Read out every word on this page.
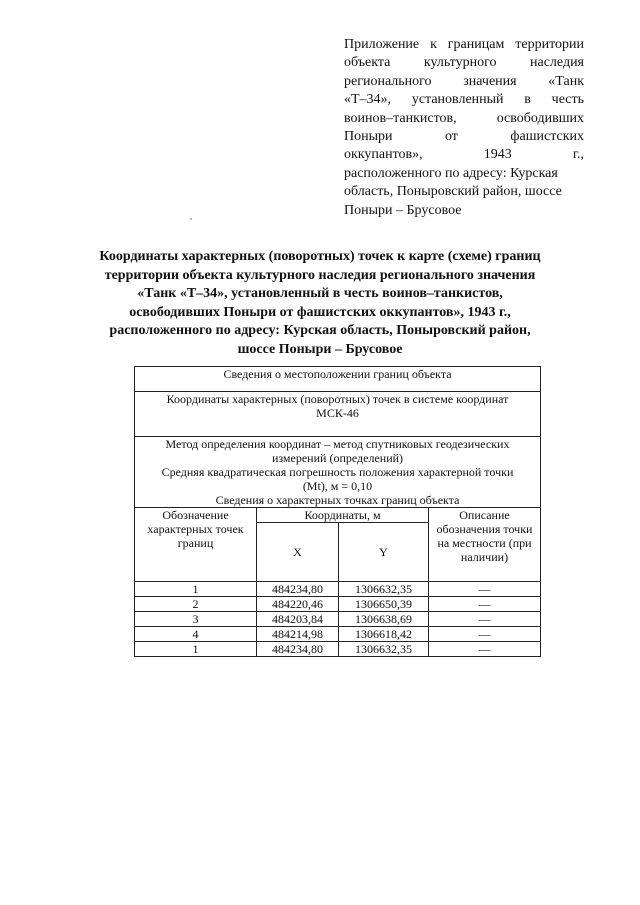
Приложение к границам территории
объекта культурного наследия
регионального значения «Танк
«Т–34», установленный в честь
воинов–танкистов, освободивших
Поныри от фашистских
оккупантов», 1943 г.,
расположенного по адресу: Курская
область, Поныровский район, шоссе
Поныри – Брусовое
Координаты характерных (поворотных) точек к карте (схеме) границ
территории объекта культурного наследия регионального значения
«Танк «Т–34», установленный в честь воинов–танкистов,
освободивших Поныри от фашистских оккупантов», 1943 г.,
расположенного по адресу: Курская область, Поныровский район,
шоссе Поныри – Брусовое
Сведения о местоположении границ объекта			

Координаты характерных (поворотных) точек в системе координат
МСК-46			

Метод определения координат – метод спутниковых геодезических
измерений (определений)
Средняя квадратическая погрешность положения характерной точки
(Mt), м = 0,10
Сведения о характерных точках границ объекта			

Обозначение характерных точек границ	Координаты, м		Описание обозначения точки на местности (при наличии)
	X	Y	
1	484234,80	1306632,35	—
2	484220,46	1306650,39	—
3	484203,84	1306638,69	—
4	484214,98	1306618,42	—
1	484234,80	1306632,35	—
